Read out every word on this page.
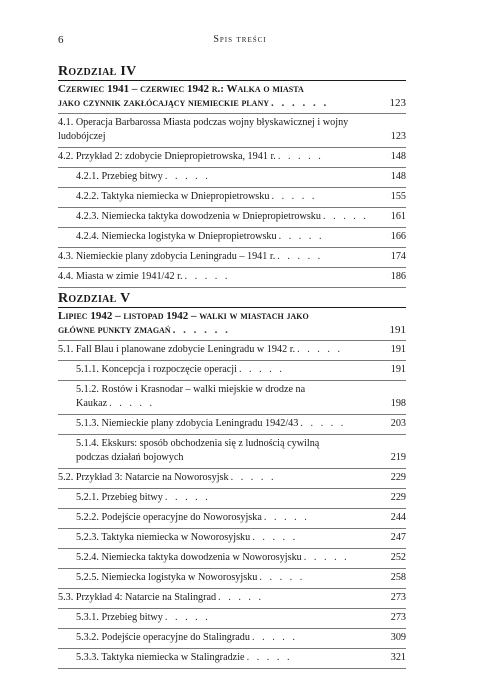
6	Spis treści
Rozdział IV
Czerwiec 1941 – czerwiec 1942 r.: Walka o miasta
jako czynnik zakłócający niemieckie plany . . . . . .	123
4.1. Operacja Barbarossa Miasta podczas wojny błyskawicznej i wojny
ludobójczej	123
4.2. Przykład 2: zdobycie Dniepropietrowska, 1941 r. . . . . .	148
4.2.1. Przebieg bitwy . . . . .	148
4.2.2. Taktyka niemiecka w Dniepropietrowsku . . . . .	155
4.2.3. Niemiecka taktyka dowodzenia w Dniepropietrowsku . . . . .	161
4.2.4. Niemiecka logistyka w Dniepropietrowsku . . . . .	166
4.3. Niemieckie plany zdobycia Leningradu – 1941 r. . . . . .	174
4.4. Miasta w zimie 1941/42 r. . . . . .	186
Rozdział V
Lipiec 1942 – listopad 1942 – walki w miastach jako
główne punkty zmagań . . . . . .	191
5.1. Fall Blau i planowane zdobycie Leningradu w 1942 r. . . . . .	191
5.1.1. Koncepcja i rozpoczęcie operacji . . . . .	191
5.1.2. Rostów i Krasnodar – walki miejskie w drodze na Kaukaz . . . . .	198
5.1.3. Niemieckie plany zdobycia Leningradu 1942/43 . . . . .	203
5.1.4. Ekskurs: sposób obchodzenia się z ludnością cywilną
podczas działań bojowych	219
5.2. Przykład 3: Natarcie na Noworosyjsk . . . . .	229
5.2.1. Przebieg bitwy . . . . .	229
5.2.2. Podejście operacyjne do Noworosyjska . . . . .	244
5.2.3. Taktyka niemiecka w Noworosyjsku . . . . .	247
5.2.4. Niemiecka taktyka dowodzenia w Noworosyjsku . . . . .	252
5.2.5. Niemiecka logistyka w Noworosyjsku . . . . .	258
5.3. Przykład 4: Natarcie na Stalingrad . . . . .	273
5.3.1. Przebieg bitwy . . . . .	273
5.3.2. Podejście operacyjne do Stalingradu . . . . .	309
5.3.3. Taktyka niemiecka w Stalingradzie . . . . .	321
